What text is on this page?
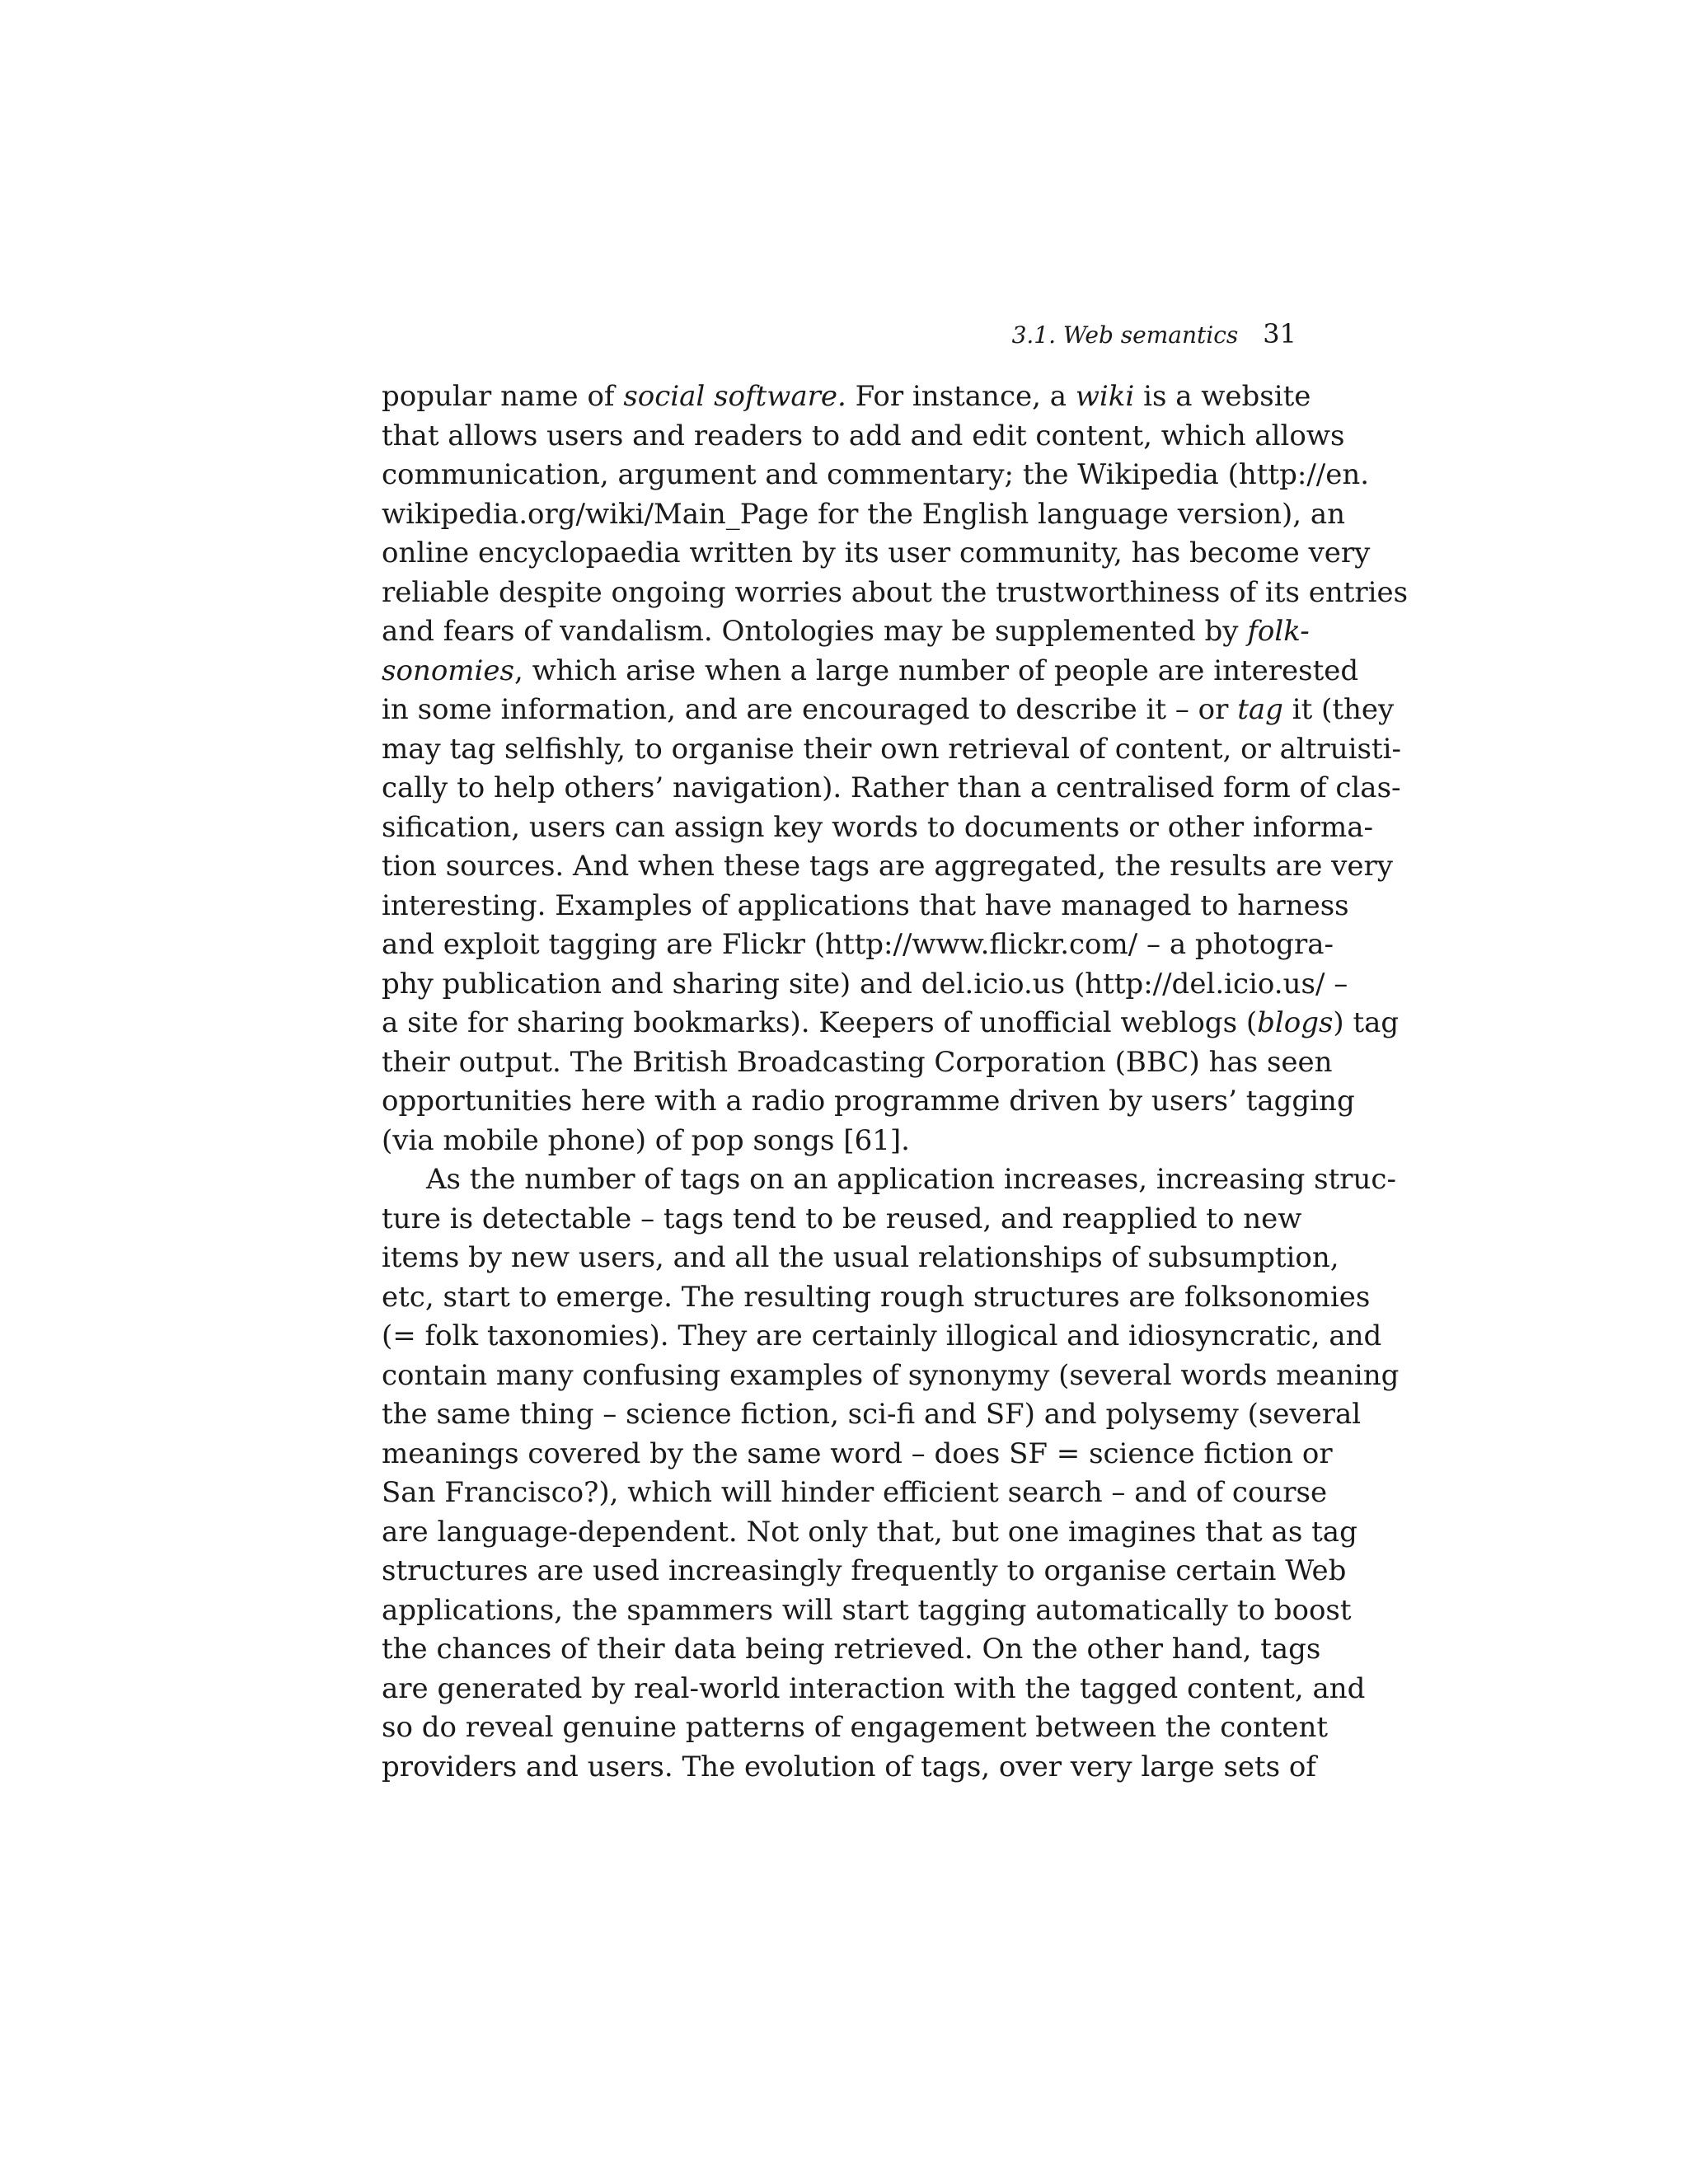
3.1. Web semantics 31
popular name of social software. For instance, a wiki is a website
that allows users and readers to add and edit content, which allows
communication, argument and commentary; the Wikipedia (http://en.
wikipedia.org/wiki/Main_Page for the English language version), an
online encyclopaedia written by its user community, has become very
reliable despite ongoing worries about the trustworthiness of its entries
and fears of vandalism. Ontologies may be supplemented by folk-
sonomies, which arise when a large number of people are interested
in some information, and are encouraged to describe it – or tag it (they
may tag selfishly, to organise their own retrieval of content, or altruisti-
cally to help others’ navigation). Rather than a centralised form of clas-
sification, users can assign key words to documents or other informa-
tion sources. And when these tags are aggregated, the results are very
interesting. Examples of applications that have managed to harness
and exploit tagging are Flickr (http://www.flickr.com/ – a photogra-
phy publication and sharing site) and del.icio.us (http://del.icio.us/ –
a site for sharing bookmarks). Keepers of unofficial weblogs (blogs) tag
their output. The British Broadcasting Corporation (BBC) has seen
opportunities here with a radio programme driven by users’ tagging
(via mobile phone) of pop songs [61].
As the number of tags on an application increases, increasing struc-
ture is detectable – tags tend to be reused, and reapplied to new
items by new users, and all the usual relationships of subsumption,
etc, start to emerge. The resulting rough structures are folksonomies
(= folk taxonomies). They are certainly illogical and idiosyncratic, and
contain many confusing examples of synonymy (several words meaning
the same thing – science fiction, sci-fi and SF) and polysemy (several
meanings covered by the same word – does SF = science fiction or
San Francisco?), which will hinder efficient search – and of course
are language-dependent. Not only that, but one imagines that as tag
structures are used increasingly frequently to organise certain Web
applications, the spammers will start tagging automatically to boost
the chances of their data being retrieved. On the other hand, tags
are generated by real-world interaction with the tagged content, and
so do reveal genuine patterns of engagement between the content
providers and users. The evolution of tags, over very large sets of
